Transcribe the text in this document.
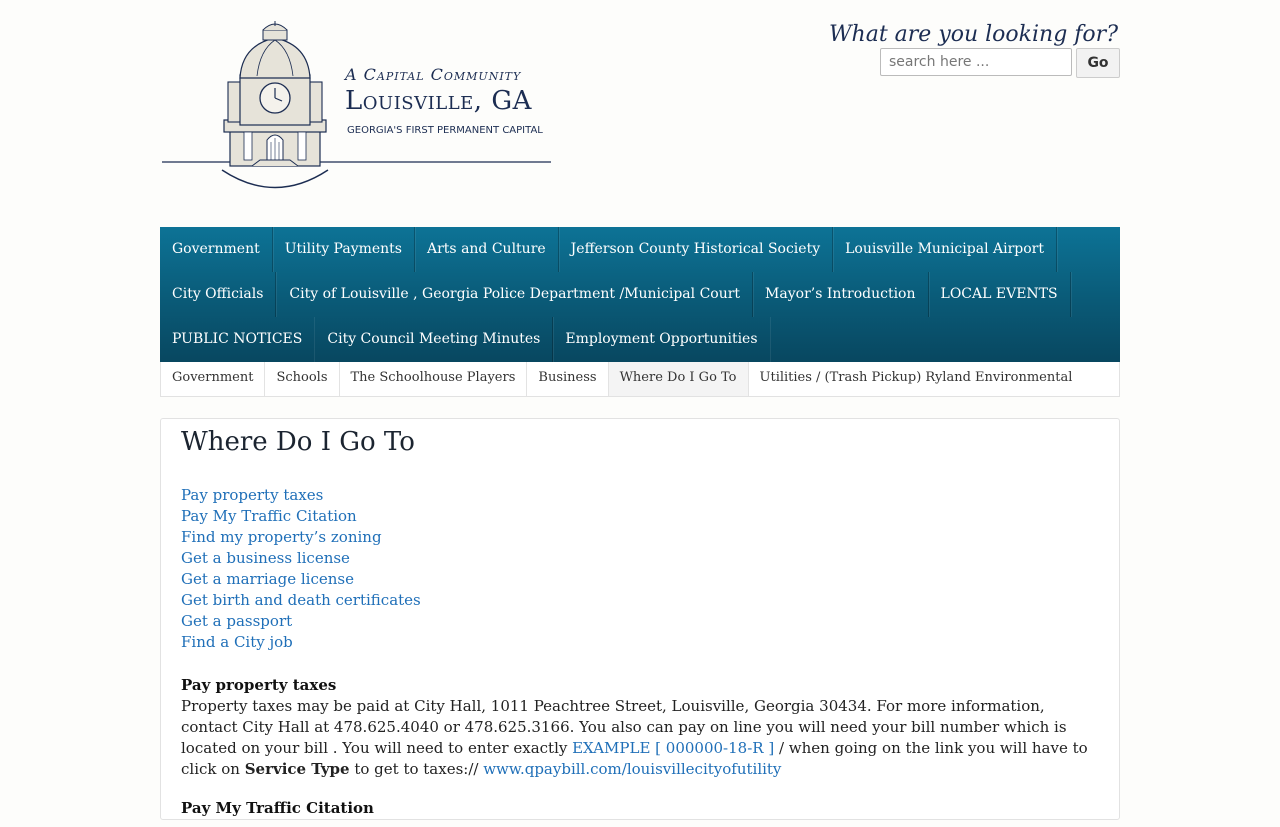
A Capital Community
Louisville, GA
GEORGIA'S FIRST PERMANENT CAPITAL
What are you looking for?
search here ...
Go
Government	Utility Payments	Arts and Culture	Jefferson County Historical Society	Louisville Municipal Airport
City Officials	City of Louisville , Georgia Police Department /Municipal Court	Mayor’s Introduction	LOCAL EVENTS
PUBLIC NOTICES	City Council Meeting Minutes	Employment Opportunities
Government	Schools	The Schoolhouse Players	Business	Where Do I Go To	Utilities / (Trash Pickup) Ryland Environmental
Where Do I Go To
Pay property taxes
Pay My Traffic Citation
Find my property’s zoning
Get a business license
Get a marriage license
Get birth and death certificates
Get a passport
Find a City job

Pay property taxes

Property taxes may be paid at City Hall, 1011 Peachtree Street, Louisville, Georgia 30434. For more information, contact City Hall at 478.625.4040 or 478.625.3166. You also can pay on line you will need your bill number which is located on your bill . You will need to enter exactly EXAMPLE [ 000000-18-R ] / when going on the link you will have to click on Service Type to get to taxes:// www.qpaybill.com/louisvillecityofutility

Pay My Traffic Citation
